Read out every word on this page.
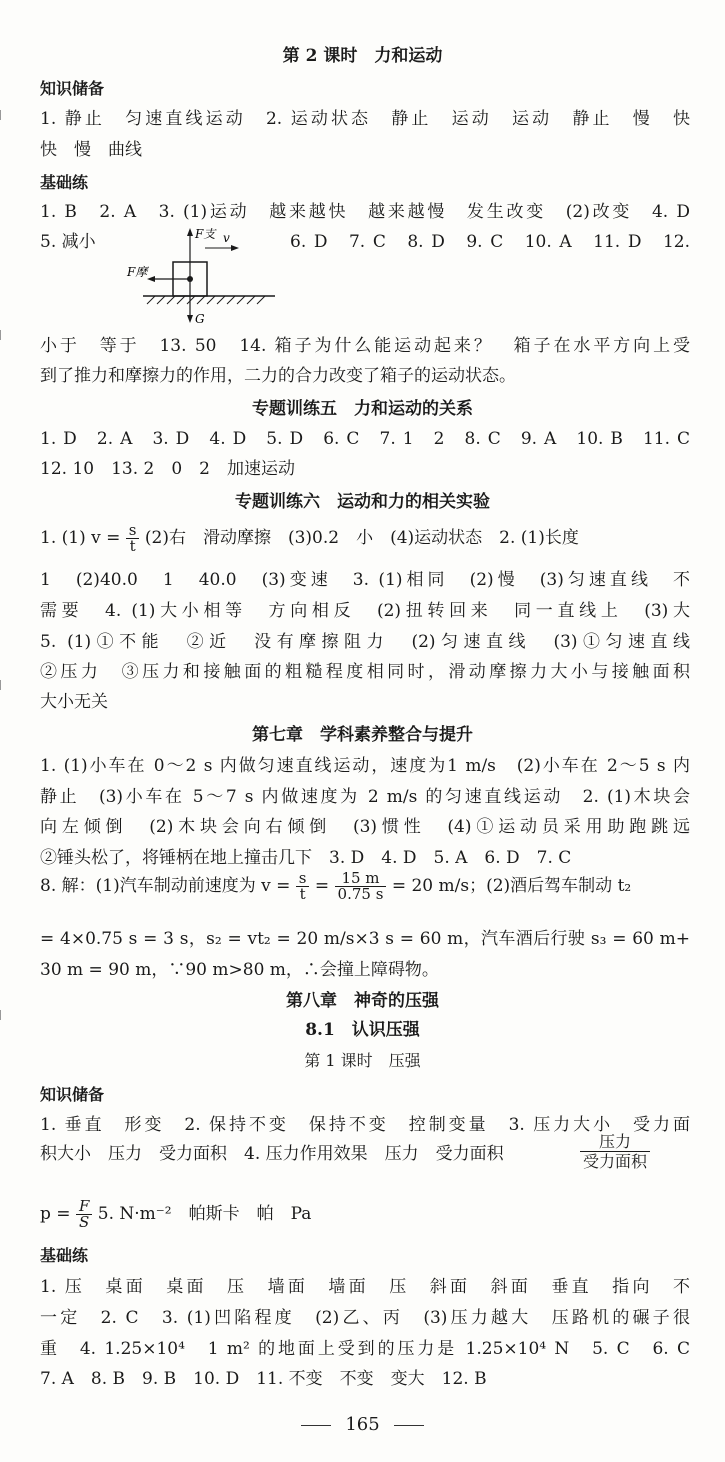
第 2 课时　力和运动
知识储备
1. 静止　匀速直线运动　2. 运动状态　静止　运动　运动　静止　慢　快
快　慢　曲线
基础练
1. B　2. A　3. (1)运动　越来越快　越来越慢　发生改变　(2)改变　4. D
5. 减小	6. D　7. C　8. D　9. C　10. A　11. D　12.
F支 v
F摩
G
小于　等于　13. 50　14. 箱子为什么能运动起来？　箱子在水平方向上受
到了推力和摩擦力的作用，二力的合力改变了箱子的运动状态。
专题训练五　力和运动的关系
1. D　2. A　3. D　4. D　5. D　6. C　7. 1　2　8. C　9. A　10. B　11. C
12. 10　13. 2　0　2　加速运动
专题训练六　运动和力的相关实验
1. (1) $v = \frac{s}{t} (2)$右　滑动摩擦　(3)0.2　小　(4)运动状态　2. (1)长度
1　(2)40.0　1　40.0　(3)变速　3. (1)相同　(2)慢　(3)匀速直线　不
需要　4. (1)大小相等　方向相反　(2)扭转回来　同一直线上　(3)大
5. (1)①不能　②近　没有摩擦阻力　(2)匀速直线　(3)①匀速直线
②压力　③压力和接触面的粗糙程度相同时，滑动摩擦力大小与接触面积
大小无关
第七章　学科素养整合与提升
1. (1)小车在 0～2 s 内做匀速直线运动，速度为1 m/s　(2)小车在 2～5 s 内
静止　(3)小车在 5～7 s 内做速度为 2 m/s 的匀速直线运动　2. (1)木块会
向左倾倒　(2)木块会向右倾倒　(3)惯性　(4)①运动员采用助跑跳远
②锤头松了，将锤柄在地上撞击几下　3. D　4. D　5. A　6. D　7. C
8. 解：(1)汽车制动前速度为 $v = \frac{s}{t} = \frac{15 m}{0.75 s} = 20$ m/s；(2)酒后驾车制动 t₂
= 4×0.75 s = 3 s，s₂ = vt₂ = 20 m/s×3 s = 60 m，汽车酒后行驶 s₃ = 60 m+
30 m = 90 m，∵90 m>80 m，∴会撞上障碍物。
第八章　神奇的压强
8.1　认识压强
第 1 课时　压强
知识储备
1. 垂直　形变　2. 保持不变　保持不变　控制变量　3. 压力大小　受力面
积大小　压力　受力面积　4. 压力作用效果　压力　受力面积	$\frac{\text{压力}}{\text{受力面积}}$
$p = \frac{F}{S} 5$. N·m⁻²　帕斯卡　帕　Pa
基础练
1. 压　桌面　桌面　压　墙面　墙面　压　斜面　斜面　垂直　指向　不
一定　2. C　3. (1)凹陷程度　(2)乙、丙　(3)压力越大　压路机的碾子很
重　4. 1.25×10⁴　1 m² 的地面上受到的压力是 1.25×10⁴ N　5. C　6. C
7. A　8. B　9. B　10. D　11. 不变　不变　变大　12. B
165
